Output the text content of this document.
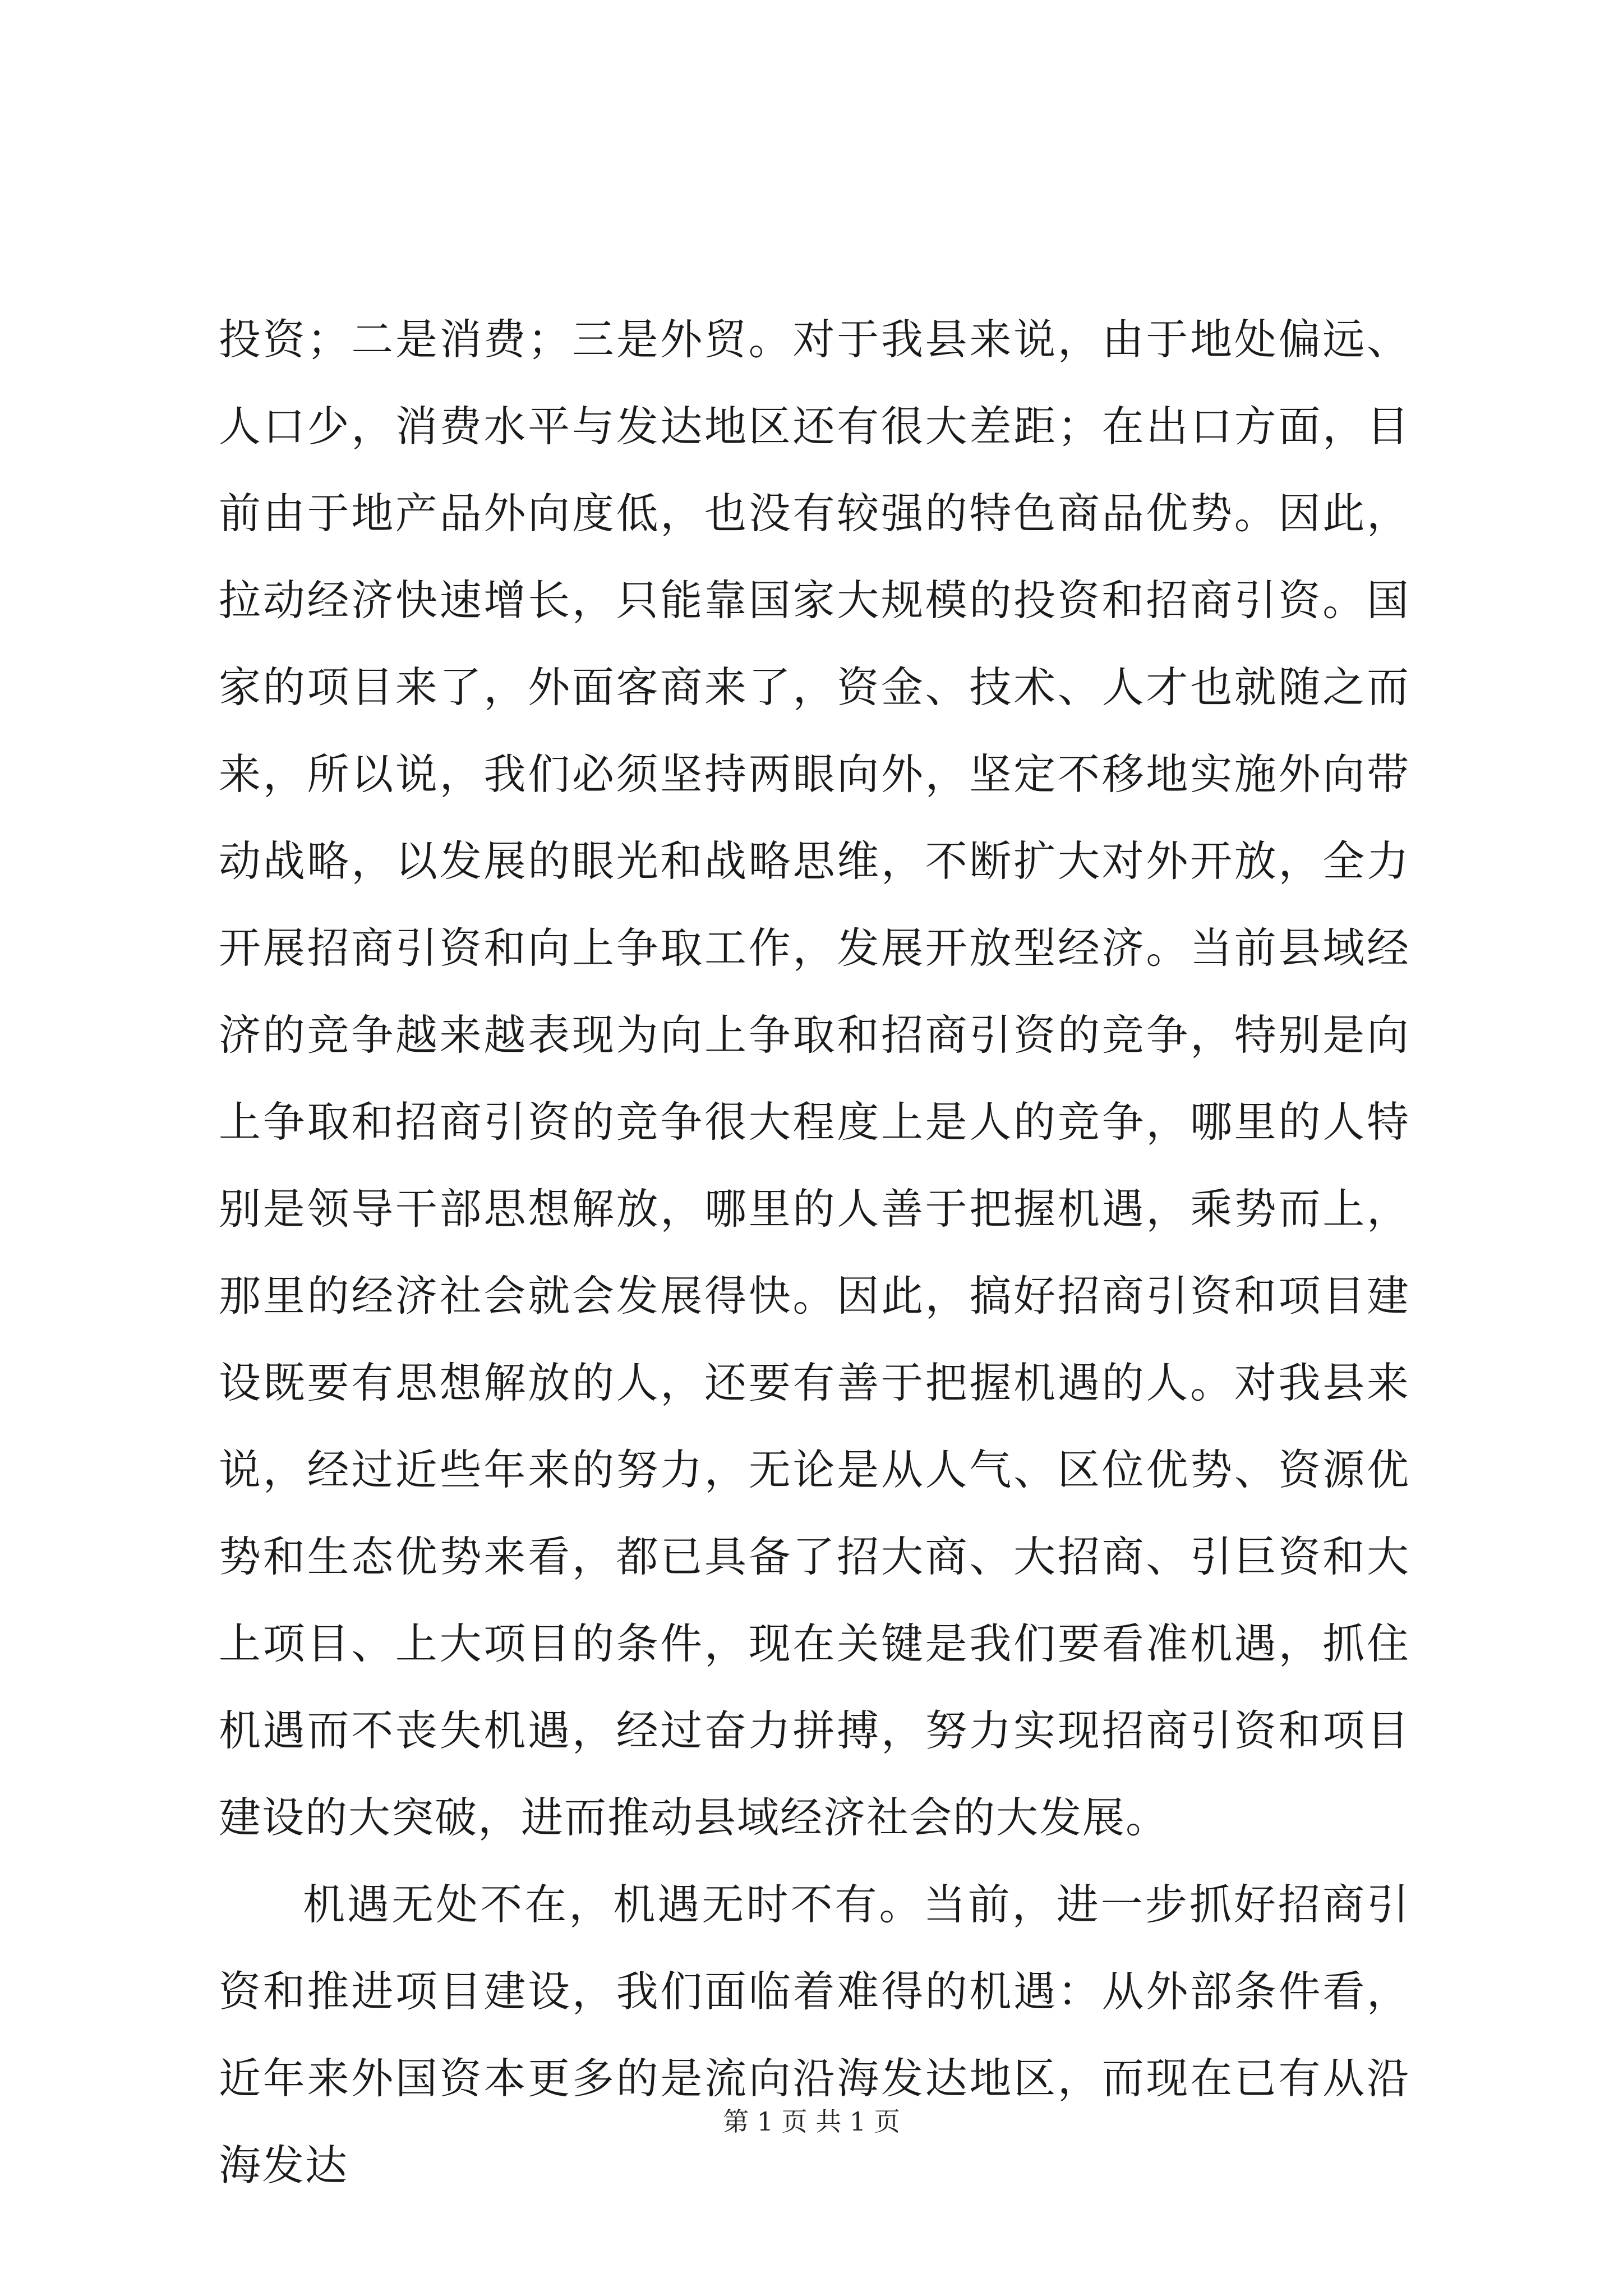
投资；二是消费；三是外贸。对于我县来说，由于地处偏远、人口少，消费水平与发达地区还有很大差距；在出口方面，目前由于地产品外向度低，也没有较强的特色商品优势。因此，拉动经济快速增长，只能靠国家大规模的投资和招商引资。国家的项目来了，外面客商来了，资金、技术、人才也就随之而来，所以说，我们必须坚持两眼向外，坚定不移地实施外向带动战略，以发展的眼光和战略思维，不断扩大对外开放，全力开展招商引资和向上争取工作，发展开放型经济。当前县域经济的竞争越来越表现为向上争取和招商引资的竞争，特别是向上争取和招商引资的竞争很大程度上是人的竞争，哪里的人特别是领导干部思想解放，哪里的人善于把握机遇，乘势而上，那里的经济社会就会发展得快。因此，搞好招商引资和项目建设既要有思想解放的人，还要有善于把握机遇的人。对我县来说，经过近些年来的努力，无论是从人气、区位优势、资源优势和生态优势来看，都已具备了招大商、大招商、引巨资和大上项目、上大项目的条件，现在关键是我们要看准机遇，抓住机遇而不丧失机遇，经过奋力拼搏，努力实现招商引资和项目建设的大突破，进而推动县域经济社会的大发展。

机遇无处不在，机遇无时不有。当前，进一步抓好招商引资和推进项目建设，我们面临着难得的机遇：从外部条件看，近年来外国资本更多的是流向沿海发达地区，而现在已有从沿海发达

第 1 页 共 1 页
